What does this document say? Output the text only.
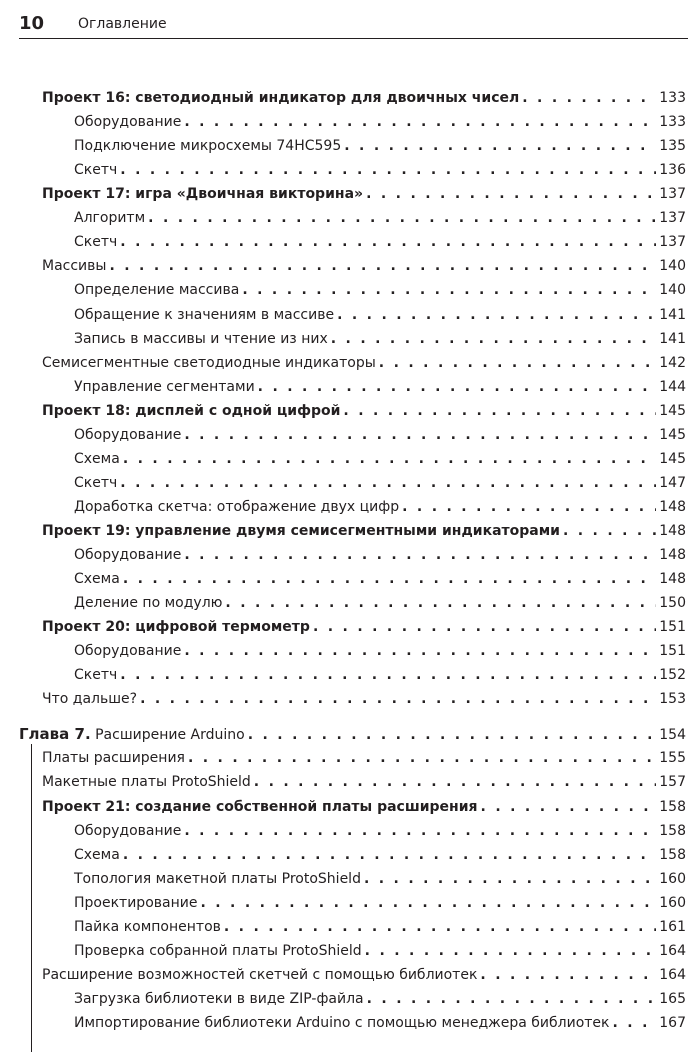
10 Оглавление
Проект 16: светодиодный индикатор для двоичных чисел . . .	133
Оборудование . . .	133
Подключение микросхемы 74HC595 . . .	135
Скетч . . .	136
Проект 17: игра «Двоичная викторина» . . .	137
Алгоритм . . .	137
Скетч . . .	137
Массивы . . .	140
Определение массива . . .	140
Обращение к значениям в массиве . . .	141
Запись в массивы и чтение из них . . .	141
Семисегментные светодиодные индикаторы . . .	142
Управление сегментами . . .	144
Проект 18: дисплей с одной цифрой . . .	145
Оборудование . . .	145
Схема . . .	145
Скетч . . .	147
Доработка скетча: отображение двух цифр . . .	148
Проект 19: управление двумя семисегментными индикаторами . . .	148
Оборудование . . .	148
Схема . . .	148
Деление по модулю . . .	150
Проект 20: цифровой термометр . . .	151
Оборудование . . .	151
Скетч . . .	152
Что дальше? . . .	153
Глава 7. Расширение Arduino . . .	154
Платы расширения . . .	155
Макетные платы ProtoShield . . .	157
Проект 21: создание собственной платы расширения . . .	158
Оборудование . . .	158
Схема . . .	158
Топология макетной платы ProtoShield . . .	160
Проектирование . . .	160
Пайка компонентов . . .	161
Проверка собранной платы ProtoShield . . .	164
Расширение возможностей скетчей с помощью библиотек . . .	164
Загрузка библиотеки в виде ZIP-файла . . .	165
Импортирование библиотеки Arduino с помощью менеджера библиотек . . .	167
